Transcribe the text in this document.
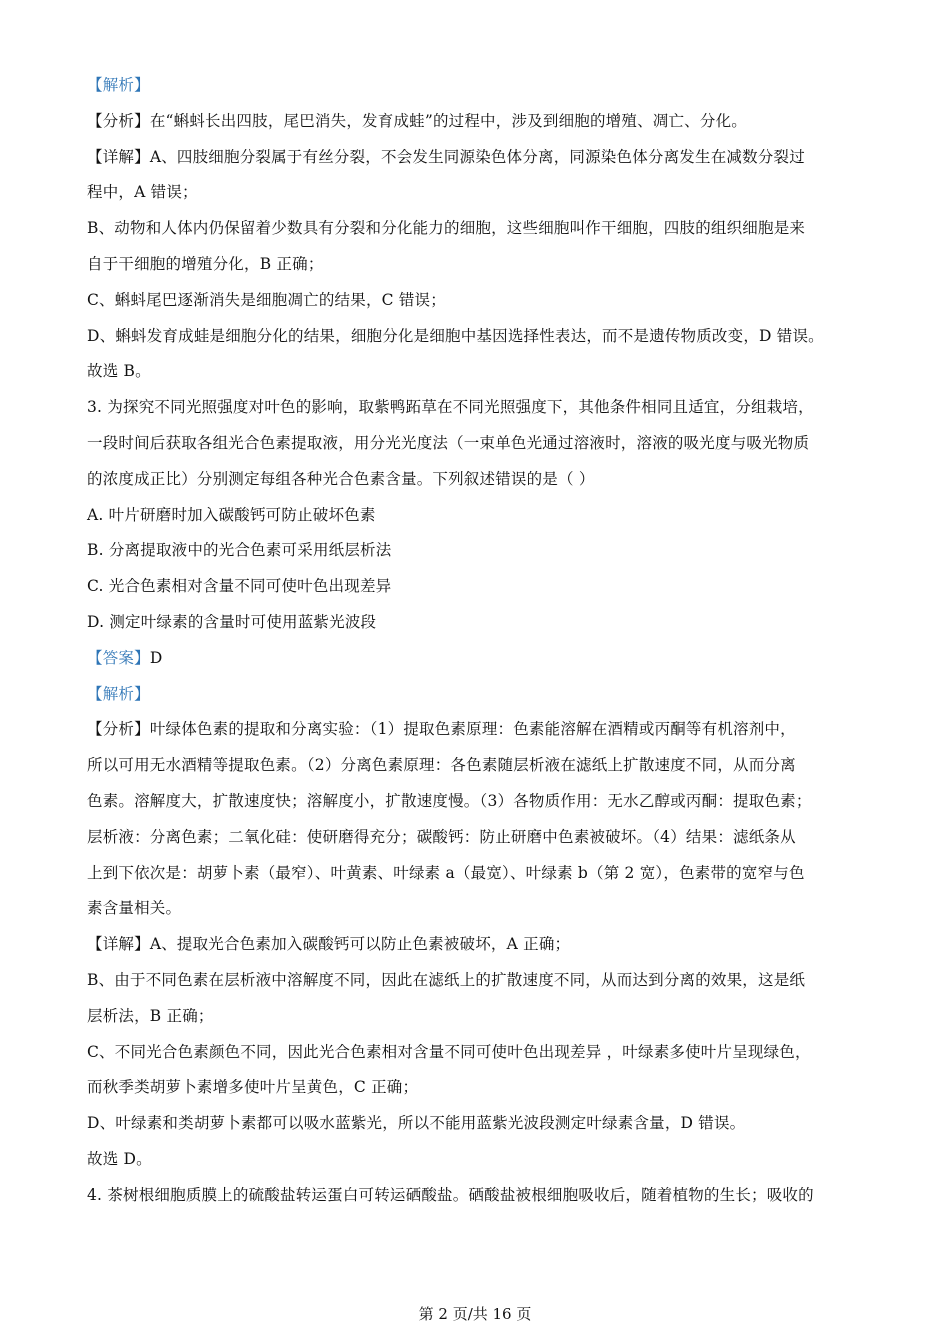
【解析】
【分析】在“蝌蚪长出四肢，尾巴消失，发育成蛙”的过程中，涉及到细胞的增殖、凋亡、分化。
【详解】A、四肢细胞分裂属于有丝分裂，不会发生同源染色体分离，同源染色体分离发生在减数分裂过
程中，A 错误；
B、动物和人体内仍保留着少数具有分裂和分化能力的细胞，这些细胞叫作干细胞，四肢的组织细胞是来
自于干细胞的增殖分化，B 正确；
C、蝌蚪尾巴逐渐消失是细胞凋亡的结果，C 错误；
D、蝌蚪发育成蛙是细胞分化的结果，细胞分化是细胞中基因选择性表达，而不是遗传物质改变，D 错误。
故选 B。
3. 为探究不同光照强度对叶色的影响，取紫鸭跖草在不同光照强度下，其他条件相同且适宜，分组栽培，
一段时间后获取各组光合色素提取液，用分光光度法（一束单色光通过溶液时，溶液的吸光度与吸光物质
的浓度成正比）分别测定每组各种光合色素含量。下列叙述错误的是（ ）
A. 叶片研磨时加入碳酸钙可防止破坏色素
B. 分离提取液中的光合色素可采用纸层析法
C. 光合色素相对含量不同可使叶色出现差异
D. 测定叶绿素的含量时可使用蓝紫光波段
【答案】D
【解析】
【分析】叶绿体色素的提取和分离实验：（1）提取色素原理：色素能溶解在酒精或丙酮等有机溶剂中，
所以可用无水酒精等提取色素。（2）分离色素原理：各色素随层析液在滤纸上扩散速度不同，从而分离
色素。溶解度大，扩散速度快；溶解度小，扩散速度慢。（3）各物质作用：无水乙醇或丙酮：提取色素；
层析液：分离色素；二氧化硅：使研磨得充分；碳酸钙：防止研磨中色素被破坏。（4）结果：滤纸条从
上到下依次是：胡萝卜素（最窄）、叶黄素、叶绿素 a（最宽）、叶绿素 b（第 2 宽），色素带的宽窄与色
素含量相关。
【详解】A、提取光合色素加入碳酸钙可以防止色素被破坏，A 正确；
B、由于不同色素在层析液中溶解度不同，因此在滤纸上的扩散速度不同，从而达到分离的效果，这是纸
层析法，B 正确；
C、不同光合色素颜色不同，因此光合色素相对含量不同可使叶色出现差异 ，叶绿素多使叶片呈现绿色，
而秋季类胡萝卜素增多使叶片呈黄色，C 正确；
D、叶绿素和类胡萝卜素都可以吸水蓝紫光，所以不能用蓝紫光波段测定叶绿素含量，D 错误。
故选 D。
4. 茶树根细胞质膜上的硫酸盐转运蛋白可转运硒酸盐。硒酸盐被根细胞吸收后，随着植物的生长；吸收的
第 2 页/共 16 页
